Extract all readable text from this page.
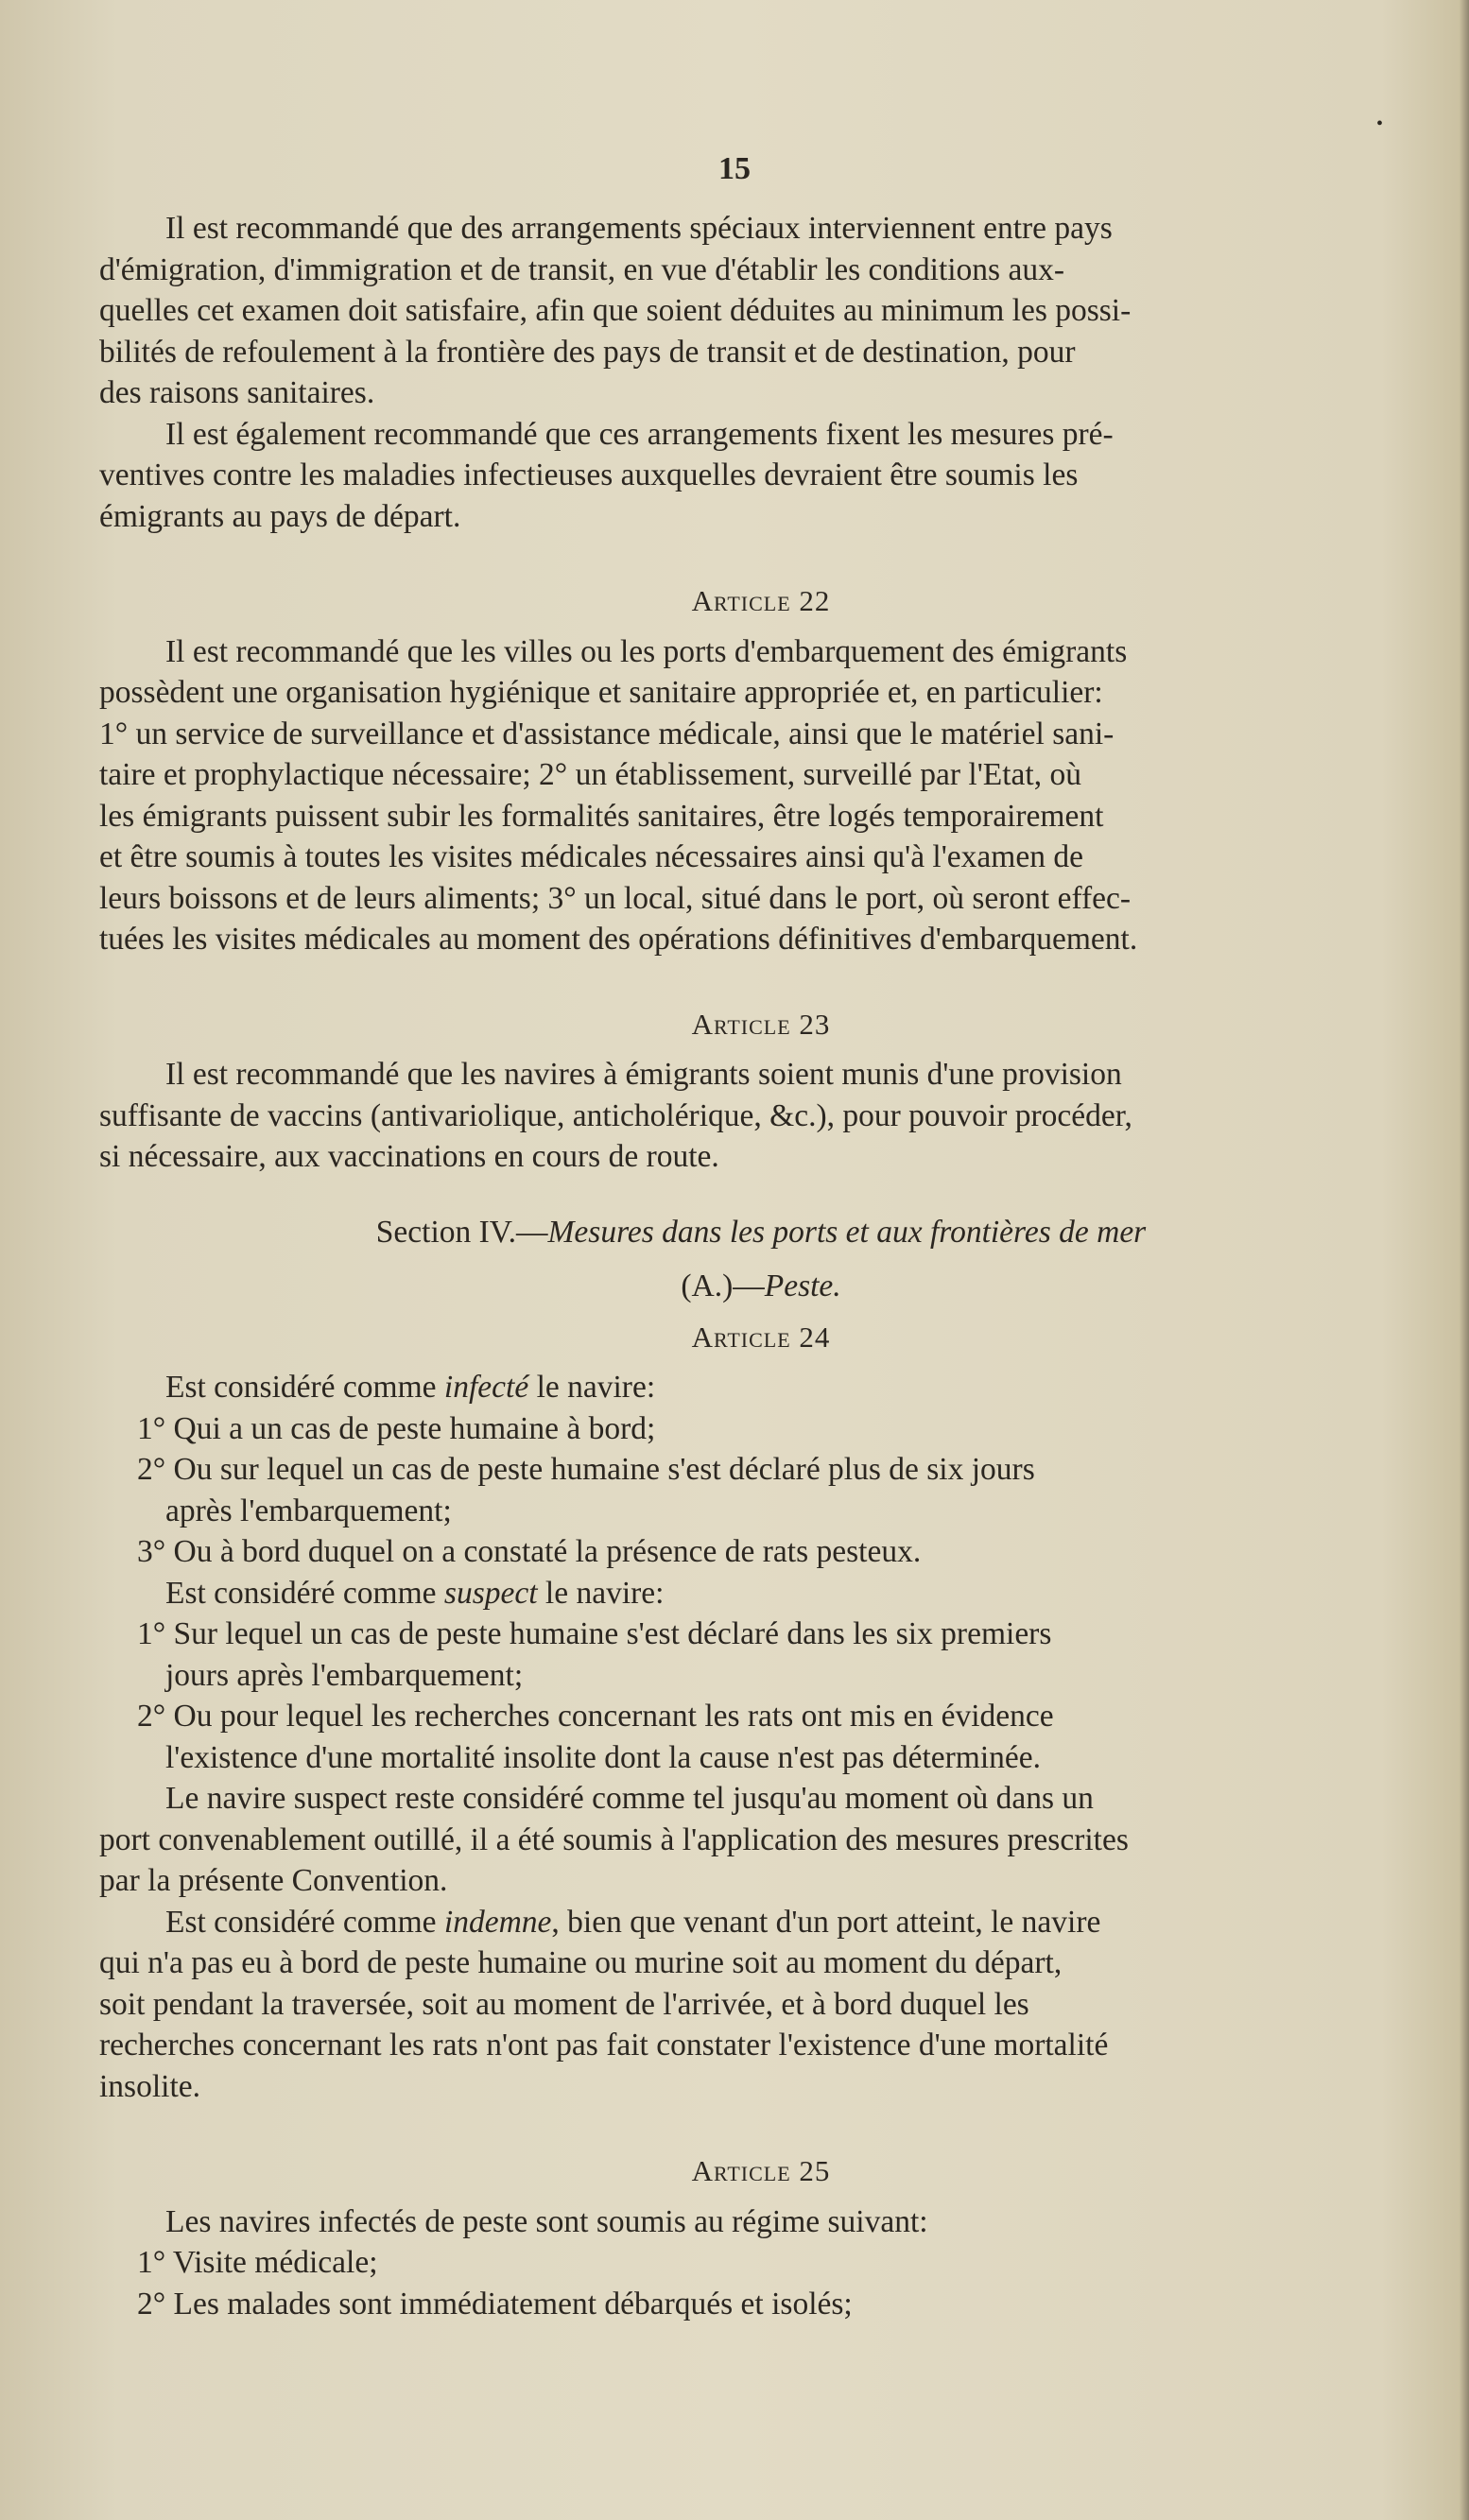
•
15

Il est recommandé que des arrangements spéciaux interviennent entre pays
d'émigration, d'immigration et de transit, en vue d'établir les conditions aux-
quelles cet examen doit satisfaire, afin que soient déduites au minimum les possi-
bilités de refoulement à la frontière des pays de transit et de destination, pour
des raisons sanitaires.

Il est également recommandé que ces arrangements fixent les mesures pré-
ventives contre les maladies infectieuses auxquelles devraient être soumis les
émigrants au pays de départ.

Article 22

Il est recommandé que les villes ou les ports d'embarquement des émigrants
possèdent une organisation hygiénique et sanitaire appropriée et, en particulier:
1° un service de surveillance et d'assistance médicale, ainsi que le matériel sani-
taire et prophylactique nécessaire; 2° un établissement, surveillé par l'Etat, où
les émigrants puissent subir les formalités sanitaires, être logés temporairement
et être soumis à toutes les visites médicales nécessaires ainsi qu'à l'examen de
leurs boissons et de leurs aliments; 3° un local, situé dans le port, où seront effec-
tuées les visites médicales au moment des opérations définitives d'embarquement.

Article 23

Il est recommandé que les navires à émigrants soient munis d'une provision
suffisante de vaccins (antivariolique, anticholérique, &c.), pour pouvoir procéder,
si nécessaire, aux vaccinations en cours de route.

Section IV.—Mesures dans les ports et aux frontières de mer
(A.)—Peste.
Article 24

Est considéré comme infecté le navire:
1° Qui a un cas de peste humaine à bord;
2° Ou sur lequel un cas de peste humaine s'est déclaré plus de six jours
après l'embarquement;
3° Ou à bord duquel on a constaté la présence de rats pesteux.

Est considéré comme suspect le navire:
1° Sur lequel un cas de peste humaine s'est déclaré dans les six premiers
jours après l'embarquement;
2° Ou pour lequel les recherches concernant les rats ont mis en évidence
l'existence d'une mortalité insolite dont la cause n'est pas déterminée.

Le navire suspect reste considéré comme tel jusqu'au moment où dans un
port convenablement outillé, il a été soumis à l'application des mesures prescrites
par la présente Convention.

Est considéré comme indemne, bien que venant d'un port atteint, le navire
qui n'a pas eu à bord de peste humaine ou murine soit au moment du départ,
soit pendant la traversée, soit au moment de l'arrivée, et à bord duquel les
recherches concernant les rats n'ont pas fait constater l'existence d'une mortalité
insolite.

Article 25

Les navires infectés de peste sont soumis au régime suivant:
1° Visite médicale;
2° Les malades sont immédiatement débarqués et isolés;
